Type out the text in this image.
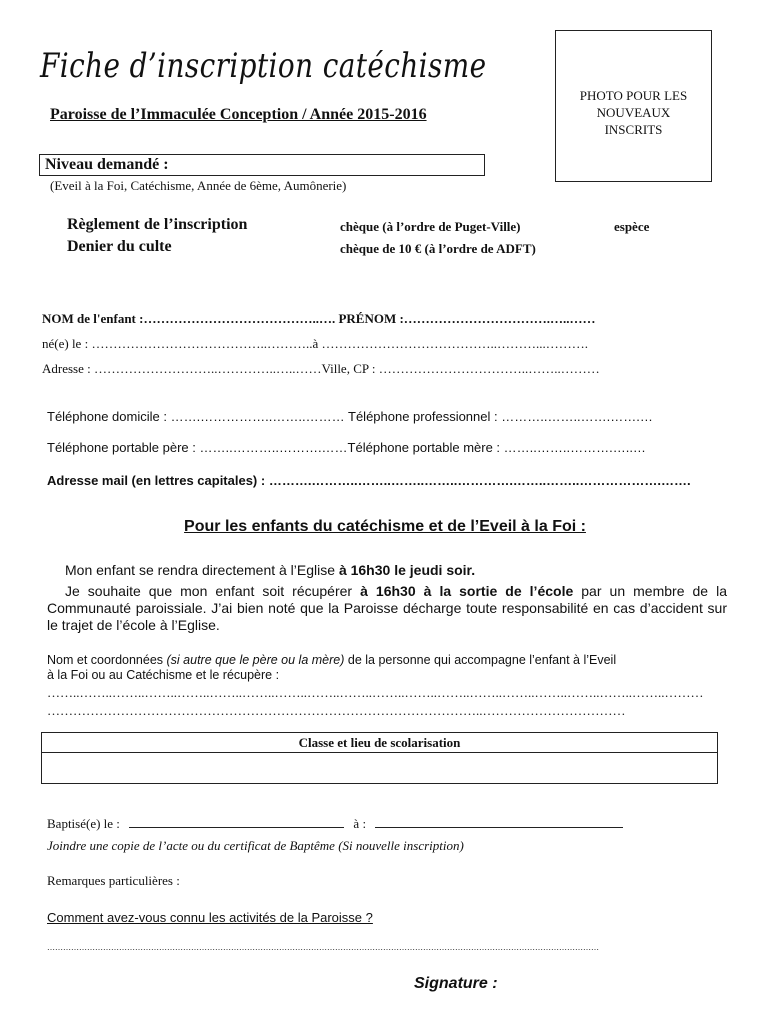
Fiche d’inscription catéchisme
Paroisse de l’Immaculée Conception / Année 2015-2016
PHOTO POUR LES
NOUVEAUX
INSCRITS
Niveau demandé :
(Eveil à la Foi, Catéchisme, Année de 6ème, Aumônerie)
Règlement de l’inscription	chèque (à l’ordre de Puget-Ville)	espèce
Denier du culte	chèque de 10 € (à l’ordre de ADFT)
NOM de l'enfant :…………………………………..…. PRÉNOM :…………………………….…..……
né(e) le : …………………………………..………..à …………………………………..………...……….
Adresse : ………………………..…………..…..……Ville, CP : ……………………………..……..………
Téléphone domicile : …….……………..……..……… Téléphone professionnel : ………..……..…….…….…
Téléphone portable père : ……..………..……….……Téléphone portable mère : ……..……..……….…..…
Adresse mail (en lettres capitales) : ……….………..……..……..……..………….……..……..……………….…….
Pour les enfants du catéchisme et de l’Eveil à la Foi :
Mon enfant se rendra directement à l’Eglise à 16h30 le jeudi soir.
Je souhaite que mon enfant soit récupérer à 16h30 à la sortie de l’école par un membre de la Communauté paroissiale. J’ai bien noté que la Paroisse décharge toute responsabilité en cas d’accident sur le trajet de l’école à l’Eglise.
Nom et coordonnées (si autre que le père ou la mère) de la personne qui accompagne l’enfant à l’Eveil
à la Foi ou au Catéchisme et le récupère :
……..……..……..……..……..……..……..……..……..……..……..……..……..……..……..……..……..……..……..………
………………………………………………………………………………………..……………………………
Classe et lieu de scolarisation
Baptisé(e) le :	à :
Joindre une copie de l’acte ou du certificat de Baptême (Si nouvelle inscription)
Remarques particulières :
Comment avez-vous connu les activités de la Paroisse ?
………………………………………………………………………………………………………………………………………………………………………………………
Signature :
